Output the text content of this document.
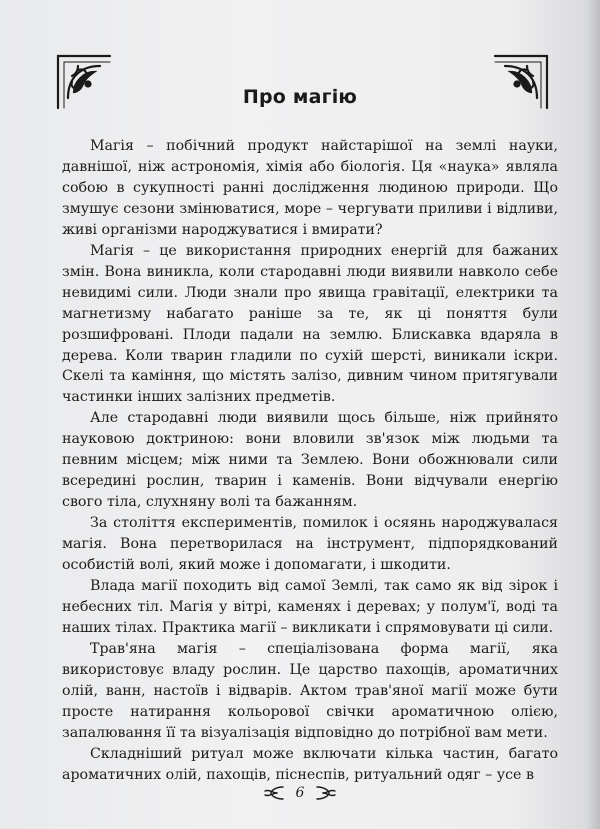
Про магію

Магія – побічний продукт найстарішої на землі науки, давнішої, ніж астрономія, хімія або біологія. Ця «наука» являла собою в сукупності ранні дослідження людиною природи. Що змушує сезони змінюватися, море – чергувати приливи і відливи, живі організми народжуватися і вмирати?

Магія – це використання природних енергій для бажаних змін. Вона виникла, коли стародавні люди виявили навколо себе невидимі сили. Люди знали про явища гравітації, електрики та магнетизму набагато раніше за те, як ці поняття були розшифровані. Плоди падали на землю. Блискавка вдаряла в дерева. Коли тварин гладили по сухій шерсті, виникали іскри. Скелі та каміння, що містять залізо, дивним чином притягували частинки інших залізних предметів.

Але стародавні люди виявили щось більше, ніж прийнято науковою доктриною: вони вловили зв'язок між людьми та певним місцем; між ними та Землею. Вони обожнювали сили всередині рослин, тварин і каменів. Вони відчували енергію свого тіла, слухняну волі та бажанням.

За століття експериментів, помилок і осяянь народжувалася магія. Вона перетворилася на інструмент, підпорядкований особистій волі, який може і допомагати, і шкодити.

Влада магії походить від самої Землі, так само як від зірок і небесних тіл. Магія у вітрі, каменях і деревах; у полум'ї, воді та наших тілах. Практика магії – викликати і спрямовувати ці сили.

Трав'яна магія – спеціалізована форма магії, яка використовує владу рослин. Це царство пахощів, ароматичних олій, ванн, настоїв і відварів. Актом трав'яної магії може бути просте натирання кольорової свічки ароматичною олією, запалювання її та візуалізація відповідно до потрібної вам мети.

Складніший ритуал може включати кілька частин, багато ароматичних олій, пахощів, піснеспів, ритуальний одяг – усе в

6
